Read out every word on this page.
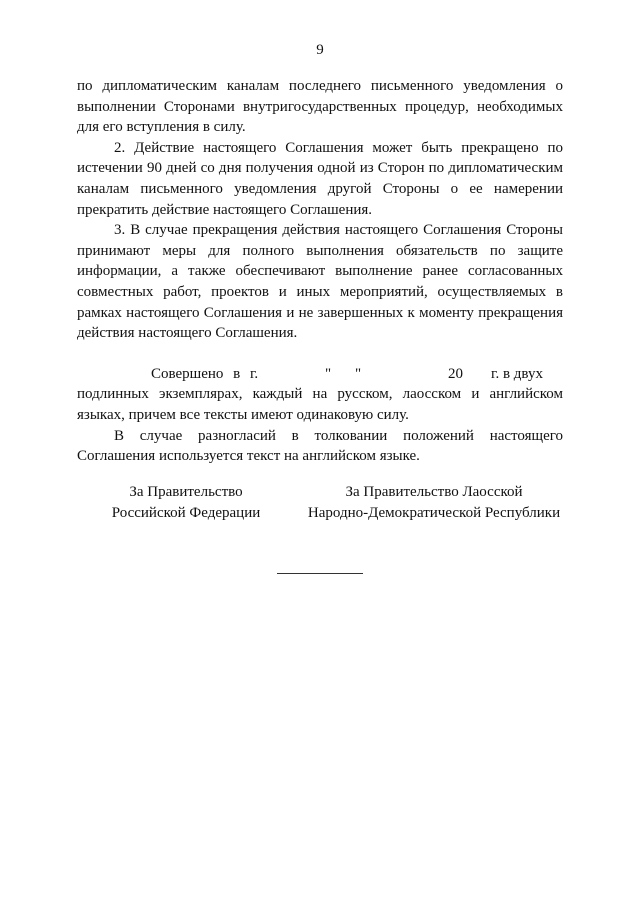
9

по дипломатическим каналам последнего письменного уведомления о выполнении Сторонами внутригосударственных процедур, необходимых для его вступления в силу.

2. Действие настоящего Соглашения может быть прекращено по истечении 90 дней со дня получения одной из Сторон по дипломатическим каналам письменного уведомления другой Стороны о ее намерении прекратить действие настоящего Соглашения.

3. В случае прекращения действия настоящего Соглашения Стороны принимают меры для полного выполнения обязательств по защите информации, а также обеспечивают выполнение ранее согласованных совместных работ, проектов и иных мероприятий, осуществляемых в рамках настоящего Соглашения и не завершенных к моменту прекращения действия настоящего Соглашения.

Совершено в г.	" "	20 г. в двух

подлинных экземплярах, каждый на русском, лаосском и английском языках, причем все тексты имеют одинаковую силу.

В случае разногласий в толковании положений настоящего Соглашения используется текст на английском языке.

За Правительство
Российской Федерации
За Правительство Лаосской
Народно-Демократической Республики
